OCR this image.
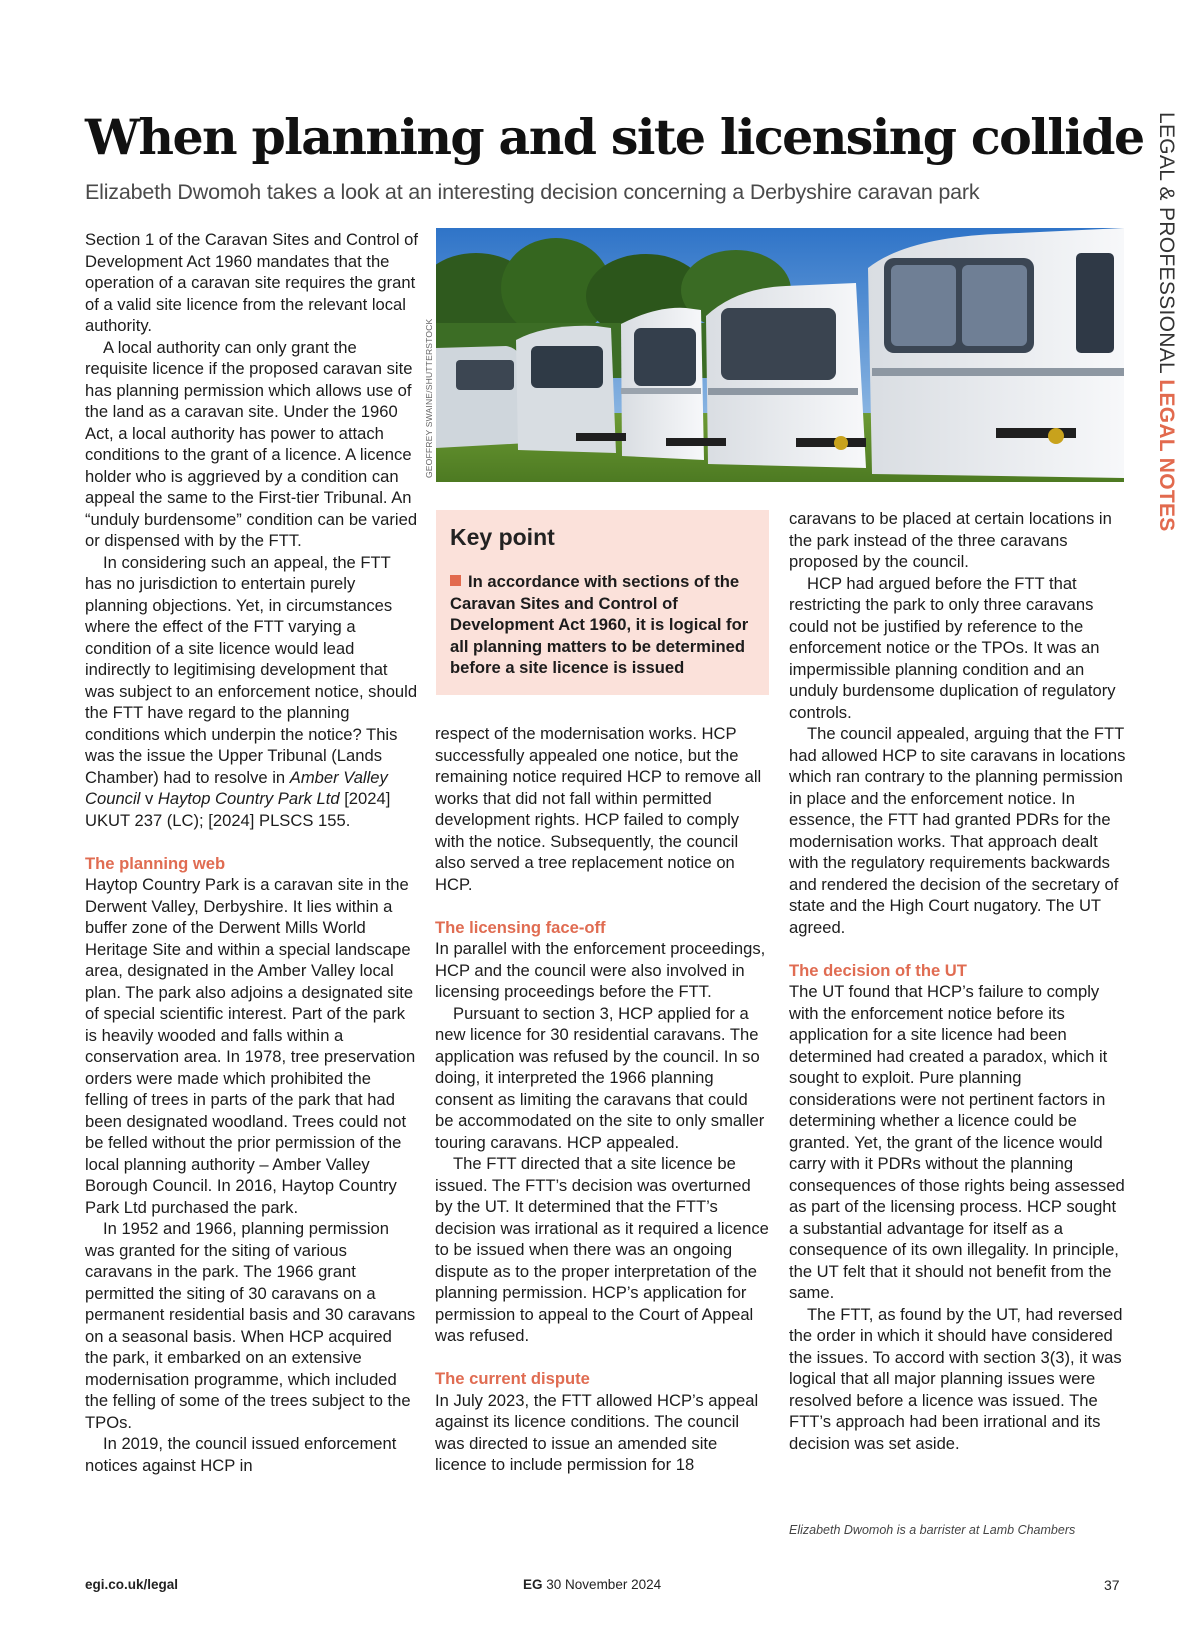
When planning and site licensing collide

Elizabeth Dwomoh takes a look at an interesting decision concerning a Derbyshire caravan park	LEGAL & PROFESSIONAL LEGAL NOTES

Section 1 of the Caravan Sites and Control of Development Act 1960 mandates that the operation of a caravan site requires the grant of a valid site licence from the relevant local authority.

A local authority can only grant the requisite licence if the proposed caravan site has planning permission which allows use of the land as a caravan site. Under the 1960 Act, a local authority has power to attach conditions to the grant of a licence. A licence holder who is aggrieved by a condition can appeal the same to the First-tier Tribunal. An “unduly burdensome” condition can be varied or dispensed with by the FTT.

In considering such an appeal, the FTT has no jurisdiction to entertain purely planning objections. Yet, in circumstances where the effect of the FTT varying a condition of a site licence would lead indirectly to legitimising development that was subject to an enforcement notice, should the FTT have regard to the planning conditions which underpin the notice? This was the issue the Upper Tribunal (Lands Chamber) had to resolve in Amber Valley Council v Haytop Country Park Ltd [2024] UKUT 237 (LC); [2024] PLSCS 155.

The planning web

Haytop Country Park is a caravan site in the Derwent Valley, Derbyshire. It lies within a buffer zone of the Derwent Mills World Heritage Site and within a special landscape area, designated in the Amber Valley local plan. The park also adjoins a designated site of special scientific interest. Part of the park is heavily wooded and falls within a conservation area. In 1978, tree preservation orders were made which prohibited the felling of trees in parts of the park that had been designated woodland. Trees could not be felled without the prior permission of the local planning authority – Amber Valley Borough Council. In 2016, Haytop Country Park Ltd purchased the park.

In 1952 and 1966, planning permission was granted for the siting of various caravans in the park. The 1966 grant permitted the siting of 30 caravans on a permanent residential basis and 30 caravans on a seasonal basis. When HCP acquired the park, it embarked on an extensive modernisation programme, which included the felling of some of the trees subject to the TPOs.

In 2019, the council issued enforcement notices against HCP in

GEOFFREY SWAINE/SHUTTERSTOCK
Key point

In accordance with sections of the Caravan Sites and Control of Development Act 1960, it is logical for all planning matters to be determined before a site licence is issued

respect of the modernisation works. HCP successfully appealed one notice, but the remaining notice required HCP to remove all works that did not fall within permitted development rights. HCP failed to comply with the notice. Subsequently, the council also served a tree replacement notice on HCP.

The licensing face-off

In parallel with the enforcement proceedings, HCP and the council were also involved in licensing proceedings before the FTT.

Pursuant to section 3, HCP applied for a new licence for 30 residential caravans. The application was refused by the council. In so doing, it interpreted the 1966 planning consent as limiting the caravans that could be accommodated on the site to only smaller touring caravans. HCP appealed.

The FTT directed that a site licence be issued. The FTT’s decision was overturned by the UT. It determined that the FTT’s decision was irrational as it required a licence to be issued when there was an ongoing dispute as to the proper interpretation of the planning permission. HCP’s application for permission to appeal to the Court of Appeal was refused.

The current dispute

In July 2023, the FTT allowed HCP’s appeal against its licence conditions. The council was directed to issue an amended site licence to include permission for 18

caravans to be placed at certain locations in the park instead of the three caravans proposed by the council.

HCP had argued before the FTT that restricting the park to only three caravans could not be justified by reference to the enforcement notice or the TPOs. It was an impermissible planning condition and an unduly burdensome duplication of regulatory controls.

The council appealed, arguing that the FTT had allowed HCP to site caravans in locations which ran contrary to the planning permission in place and the enforcement notice. In essence, the FTT had granted PDRs for the modernisation works. That approach dealt with the regulatory requirements backwards and rendered the decision of the secretary of state and the High Court nugatory. The UT agreed.

The decision of the UT

The UT found that HCP’s failure to comply with the enforcement notice before its application for a site licence had been determined had created a paradox, which it sought to exploit. Pure planning considerations were not pertinent factors in determining whether a licence could be granted. Yet, the grant of the licence would carry with it PDRs without the planning consequences of those rights being assessed as part of the licensing process. HCP sought a substantial advantage for itself as a consequence of its own illegality. In principle, the UT felt that it should not benefit from the same.

The FTT, as found by the UT, had reversed the order in which it should have considered the issues. To accord with section 3(3), it was logical that all major planning issues were resolved before a licence was issued. The FTT’s approach had been irrational and its decision was set aside.

Elizabeth Dwomoh is a barrister at Lamb Chambers
egi.co.uk/legal	EG 30 November 2024	37
